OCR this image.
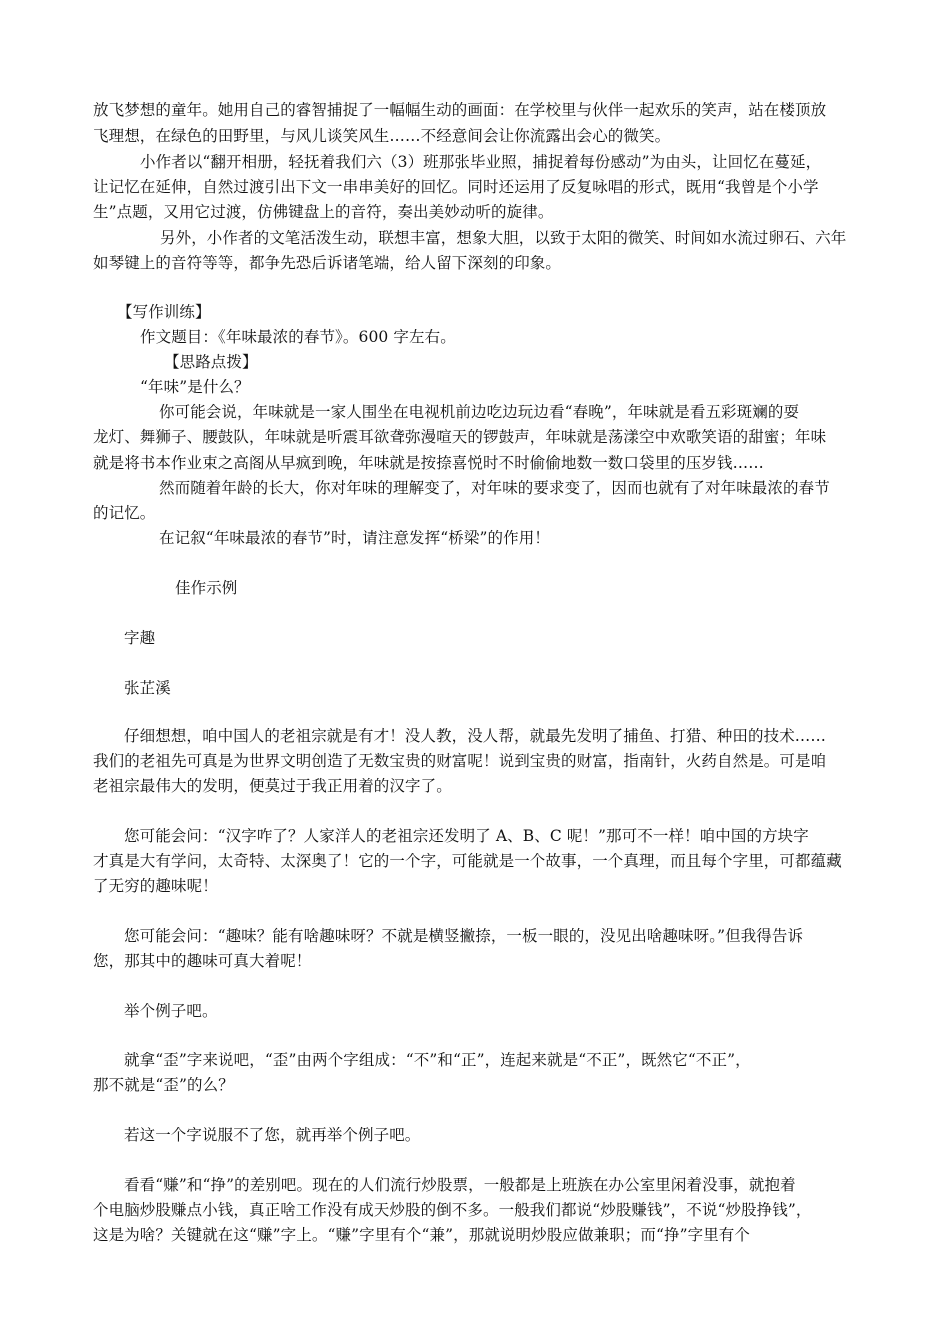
放飞梦想的童年。她用自己的睿智捕捉了一幅幅生动的画面：在学校里与伙伴一起欢乐的笑声，站在楼顶放
飞理想，在绿色的田野里，与风儿谈笑风生……不经意间会让你流露出会心的微笑。
小作者以“翻开相册，轻抚着我们六（3）班那张毕业照，捕捉着每份感动”为由头，让回忆在蔓延，
让记忆在延伸，自然过渡引出下文一串串美好的回忆。同时还运用了反复咏唱的形式，既用“我曾是个小学
生”点题，又用它过渡，仿佛键盘上的音符，奏出美妙动听的旋律。
另外，小作者的文笔活泼生动，联想丰富，想象大胆，以致于太阳的微笑、时间如水流过卵石、六年
如琴键上的音符等等，都争先恐后诉诸笔端，给人留下深刻的印象。
【写作训练】
作文题目：《年味最浓的春节》。600 字左右。
【思路点拨】
“年味”是什么？
你可能会说，年味就是一家人围坐在电视机前边吃边玩边看“春晚”，年味就是看五彩斑斓的耍
龙灯、舞狮子、腰鼓队，年味就是听震耳欲聋弥漫喧天的锣鼓声，年味就是荡漾空中欢歌笑语的甜蜜；年味
就是将书本作业束之高阁从早疯到晚，年味就是按捺喜悦时不时偷偷地数一数口袋里的压岁钱……
然而随着年龄的长大，你对年味的理解变了，对年味的要求变了，因而也就有了对年味最浓的春节
的记忆。
在记叙“年味最浓的春节”时，请注意发挥“桥梁”的作用！
佳作示例
字趣
张芷溪
仔细想想，咱中国人的老祖宗就是有才！没人教，没人帮，就最先发明了捕鱼、打猎、种田的技术……
我们的老祖先可真是为世界文明创造了无数宝贵的财富呢！说到宝贵的财富，指南针，火药自然是。可是咱
老祖宗最伟大的发明，便莫过于我正用着的汉字了。
您可能会问：“汉字咋了？人家洋人的老祖宗还发明了 A、B、C 呢！”那可不一样！咱中国的方块字
才真是大有学问，太奇特、太深奥了！它的一个字，可能就是一个故事，一个真理，而且每个字里，可都蕴藏
了无穷的趣味呢！
您可能会问：“趣味？能有啥趣味呀？不就是横竖撇捺，一板一眼的，没见出啥趣味呀。”但我得告诉
您，那其中的趣味可真大着呢！
举个例子吧。
就拿“歪”字来说吧，“歪”由两个字组成：“不”和“正”，连起来就是“不正”，既然它“不正”，
那不就是“歪”的么？
若这一个字说服不了您，就再举个例子吧。
看看“赚”和“挣”的差别吧。现在的人们流行炒股票，一般都是上班族在办公室里闲着没事，就抱着
个电脑炒股赚点小钱，真正啥工作没有成天炒股的倒不多。一般我们都说“炒股赚钱”，不说“炒股挣钱”，
这是为啥？关键就在这“赚”字上。“赚”字里有个“兼”，那就说明炒股应做兼职；而“挣”字里有个
